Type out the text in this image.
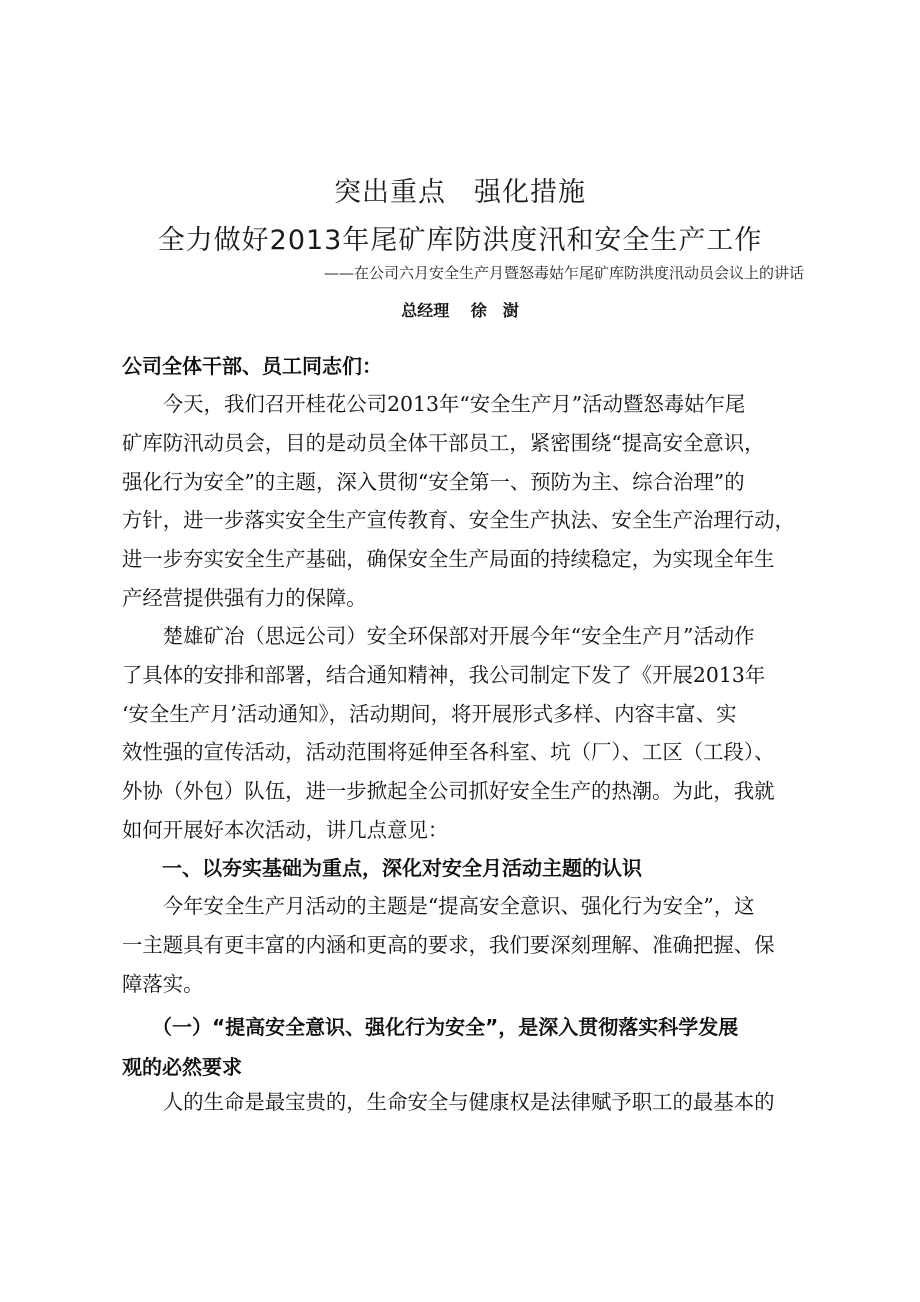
突出重点　强化措施
全力做好2013年尾矿库防洪度汛和安全生产工作
——在公司六月安全生产月暨怒毒姑乍尾矿库防洪度汛动员会议上的讲话
总经理　 徐　澍
公司全体干部、员工同志们：
　　今天，我们召开桂花公司2013年“安全生产月”活动暨怒毒姑乍尾
矿库防汛动员会，目的是动员全体干部员工，紧密围绕“提高安全意识，
强化行为安全”的主题，深入贯彻“安全第一、预防为主、综合治理”的
方针，进一步落实安全生产宣传教育、安全生产执法、安全生产治理行动，
进一步夯实安全生产基础，确保安全生产局面的持续稳定，为实现全年生
产经营提供强有力的保障。
　　楚雄矿冶（思远公司）安全环保部对开展今年“安全生产月”活动作
了具体的安排和部署，结合通知精神，我公司制定下发了《开展2013年
‘安全生产月’活动通知》，活动期间，将开展形式多样、内容丰富、实
效性强的宣传活动，活动范围将延伸至各科室、坑（厂）、工区（工段）、
外协（外包）队伍，进一步掀起全公司抓好安全生产的热潮。为此，我就
如何开展好本次活动，讲几点意见：
一、以夯实基础为重点，深化对安全月活动主题的认识
　　今年安全生产月活动的主题是“提高安全意识、强化行为安全”，这
一主题具有更丰富的内涵和更高的要求，我们要深刻理解、准确把握、保
障落实。
　　（一）“提高安全意识、强化行为安全”，是深入贯彻落实科学发展
观的必然要求
　　人的生命是最宝贵的，生命安全与健康权是法律赋予职工的最基本的
